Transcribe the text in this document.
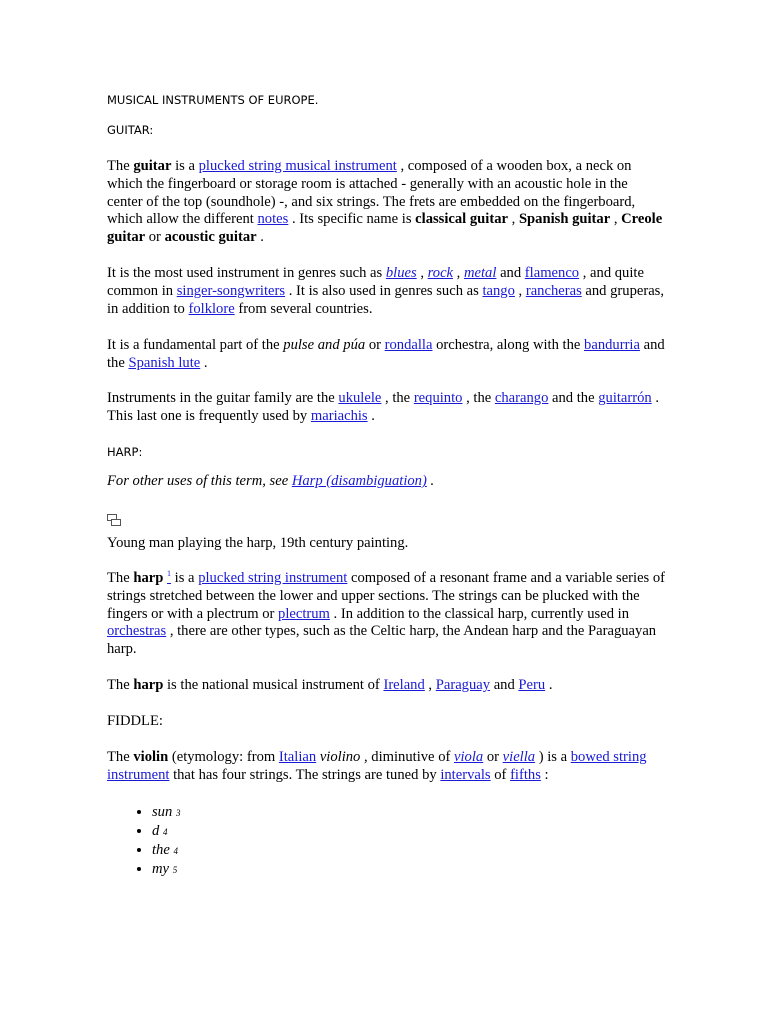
MUSICAL INSTRUMENTS OF EUROPE.
GUITAR:

The guitar is a plucked string musical instrument , composed of a wooden box, a neck on which the fingerboard or storage room is attached - generally with an acoustic hole in the center of the top (soundhole) -, and six strings. The frets are embedded on the fingerboard, which allow the different notes . Its specific name is classical guitar , Spanish guitar , Creole guitar or acoustic guitar .

It is the most used instrument in genres such as blues , rock , metal and flamenco , and quite common in singer-songwriters . It is also used in genres such as tango , rancheras and gruperas, in addition to folklore from several countries.

It is a fundamental part of the pulse and púa or rondalla orchestra, along with the bandurria and the Spanish lute .

Instruments in the guitar family are the ukulele , the requinto , the charango and the guitarrón . This last one is frequently used by mariachis .

HARP:

For other uses of this term, see Harp (disambiguation) .

Young man playing the harp, 19th century painting.

The harp $^1$ is a plucked string instrument composed of a resonant frame and a variable series of strings stretched between the lower and upper sections. The strings can be plucked with the fingers or with a plectrum or plectrum . In addition to the classical harp, currently used in orchestras , there are other types, such as the Celtic harp, the Andean harp and the Paraguayan harp.

The harp is the national musical instrument of Ireland , Paraguay and Peru .

FIDDLE:

The violin (etymology: from Italian violino , diminutive of viola or viella ) is a bowed string instrument that has four strings. The strings are tuned by intervals of fifths :

• sun 3
• d 4
• the 4
• my 5
